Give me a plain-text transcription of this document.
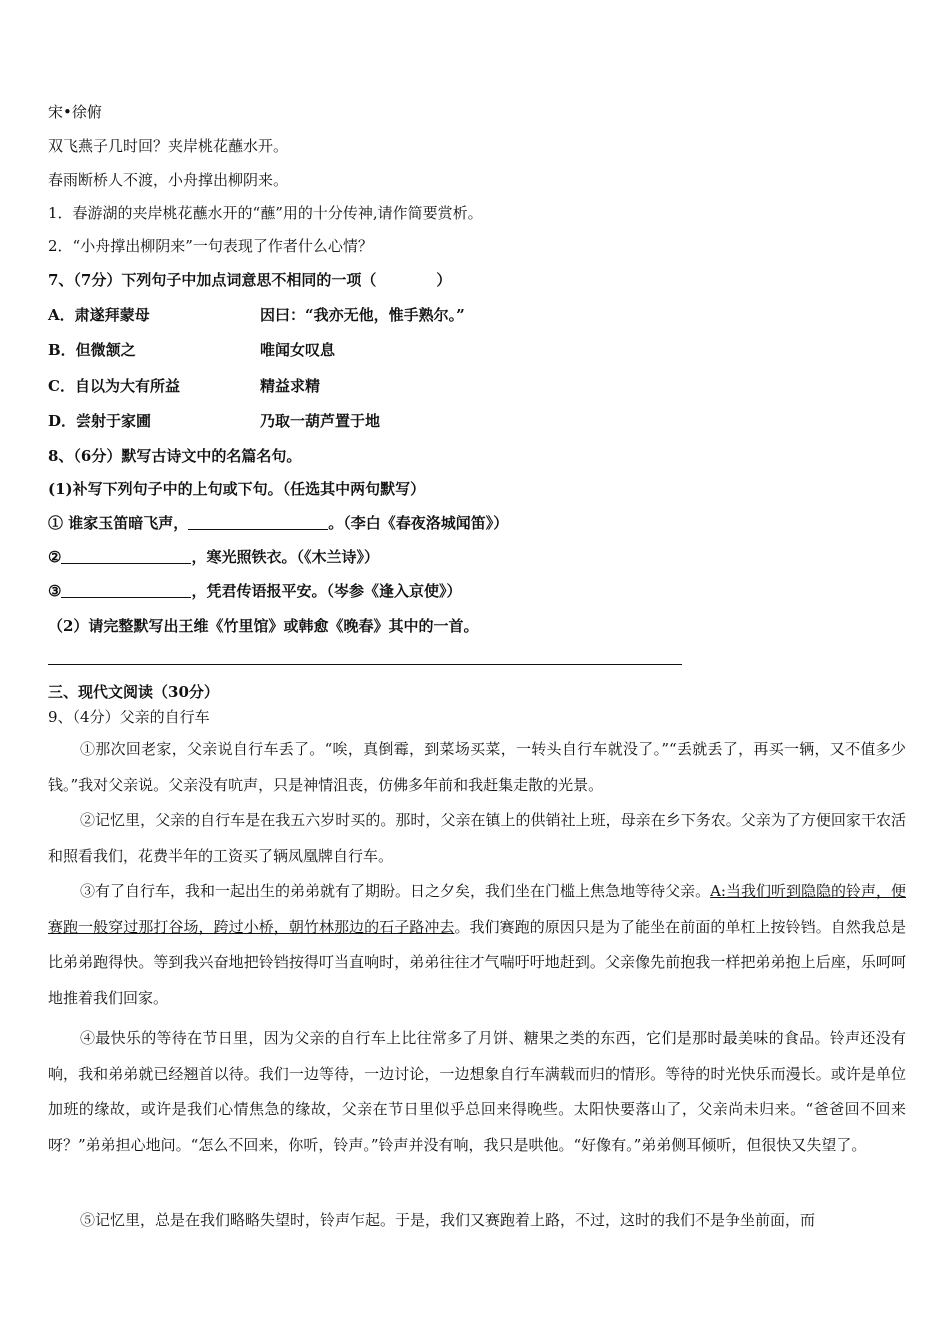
宋•徐俯
双飞燕子几时回？夹岸桃花蘸水开。
春雨断桥人不渡，小舟撑出柳阴来。
1．春游湖的夹岸桃花蘸水开的“蘸”用的十分传神,请作简要赏析。
2．“小舟撑出柳阴来”一句表现了作者什么心情？
7、（7分）下列句子中加点词意思不相同的一项（　　　　）
A．肃遂拜蒙母	因曰：“我亦无他，惟手熟尔。”
B．但微颔之	唯闻女叹息
C．自以为大有所益	精益求精
D．尝射于家圃	乃取一葫芦置于地
8、（6分）默写古诗文中的名篇名句。
(1)补写下列句子中的上句或下句。（任选其中两句默写）
① 谁家玉笛暗飞声，	。（李白《春夜洛城闻笛》）
②	，寒光照铁衣。（《木兰诗》）
③	，凭君传语报平安。（岑参《逢入京使》）
（2）请完整默写出王维《竹里馆》或韩愈《晚春》其中的一首。
三、现代文阅读（30分）
9、（4分）父亲的自行车
①那次回老家，父亲说自行车丢了。“唉，真倒霉，到菜场买菜，一转头自行车就没了。”“丢就丢了，再买一辆，又不值多少钱。”我对父亲说。父亲没有吭声，只是神情沮丧，仿佛多年前和我赶集走散的光景。
②记忆里，父亲的自行车是在我五六岁时买的。那时，父亲在镇上的供销社上班，母亲在乡下务农。父亲为了方便回家干农活和照看我们，花费半年的工资买了辆凤凰牌自行车。
③有了自行车，我和一起出生的弟弟就有了期盼。日之夕矣，我们坐在门槛上焦急地等待父亲。A:当我们听到隐隐的铃声，便赛跑一般穿过那打谷场，跨过小桥，朝竹林那边的石子路冲去。我们赛跑的原因只是为了能坐在前面的单杠上按铃铛。自然我总是比弟弟跑得快。等到我兴奋地把铃铛按得叮当直响时，弟弟往往才气喘吁吁地赶到。父亲像先前抱我一样把弟弟抱上后座，乐呵呵地推着我们回家。
④最快乐的等待在节日里，因为父亲的自行车上比往常多了月饼、糖果之类的东西，它们是那时最美味的食品。铃声还没有响，我和弟弟就已经翘首以待。我们一边等待，一边讨论，一边想象自行车满载而归的情形。等待的时光快乐而漫长。或许是单位加班的缘故，或许是我们心情焦急的缘故，父亲在节日里似乎总回来得晚些。太阳快要落山了，父亲尚未归来。“爸爸回不回来呀？”弟弟担心地问。“怎么不回来，你听，铃声。”铃声并没有响，我只是哄他。“好像有。”弟弟侧耳倾听，但很快又失望了。
⑤记忆里，总是在我们略略失望时，铃声乍起。于是，我们又赛跑着上路，不过，这时的我们不是争坐前面，而
